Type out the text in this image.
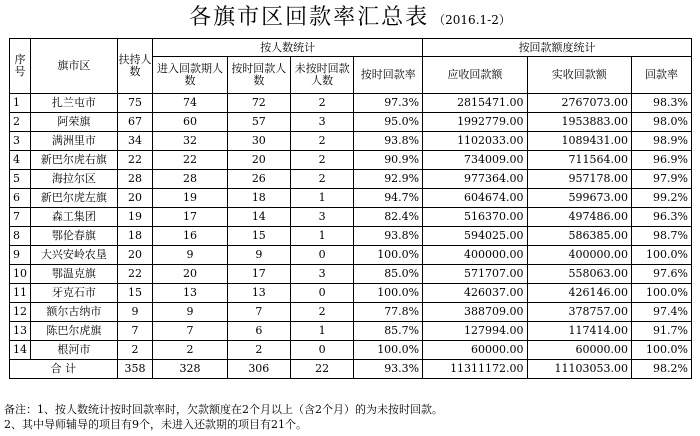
各旗市区回款率汇总表 （2016.1-2）
序号	旗市区	扶持人数	按人数统计				按回款额度统计		
			进入回款期人数	按时回款人数	未按时回款人数	按时回款率	应收回款额	实收回款额	回款率
1	扎兰屯市	75	74	72	2	97.3%	2815471.00	2767073.00	98.3%
2	阿荣旗	67	60	57	3	95.0%	1992779.00	1953883.00	98.0%
3	满洲里市	34	32	30	2	93.8%	1102033.00	1089431.00	98.9%
4	新巴尔虎右旗	22	22	20	2	90.9%	734009.00	711564.00	96.9%
5	海拉尔区	28	28	26	2	92.9%	977364.00	957178.00	97.9%
6	新巴尔虎左旗	20	19	18	1	94.7%	604674.00	599673.00	99.2%
7	森工集团	19	17	14	3	82.4%	516370.00	497486.00	96.3%
8	鄂伦春旗	18	16	15	1	93.8%	594025.00	586385.00	98.7%
9	大兴安岭农垦	20	9	9	0	100.0%	400000.00	400000.00	100.0%
10	鄂温克旗	22	20	17	3	85.0%	571707.00	558063.00	97.6%
11	牙克石市	15	13	13	0	100.0%	426037.00	426146.00	100.0%
12	额尔古纳市	9	9	7	2	77.8%	388709.00	378757.00	97.4%
13	陈巴尔虎旗	7	7	6	1	85.7%	127994.00	117414.00	91.7%
14	根河市	2	2	2	0	100.0%	60000.00	60000.00	100.0%
合 计		358	328	306	22	93.3%	11311172.00	11103053.00	98.2%
备注：1、按人数统计按时回款率时，欠款额度在2个月以上（含2个月）的为未按时回款。
2、其中导师辅导的项目有9个，未进入还款期的项目有21个。
